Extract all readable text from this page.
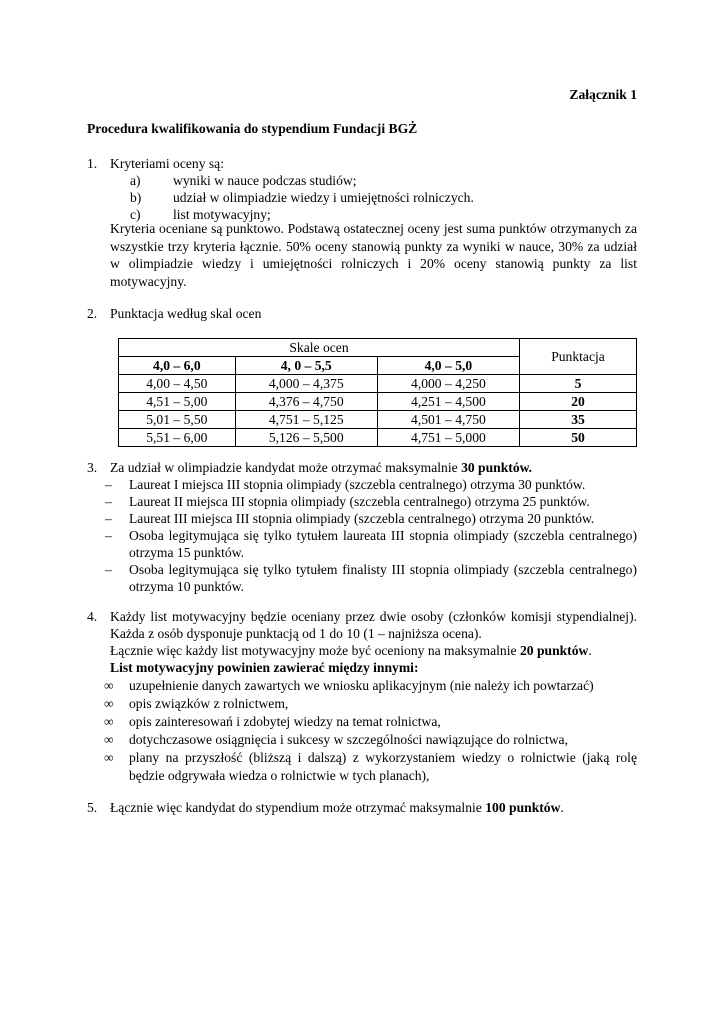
Załącznik 1
Procedura kwalifikowania do stypendium Fundacji BGŻ
1. Kryteriami oceny są:
a) wyniki w nauce podczas studiów;
b) udział w olimpiadzie wiedzy i umiejętności rolniczych.
c) list motywacyjny;
Kryteria oceniane są punktowo. Podstawą ostatecznej oceny jest suma punktów otrzymanych za wszystkie trzy kryteria łącznie. 50% oceny stanowią punkty za wyniki w nauce, 30% za udział w olimpiadzie wiedzy i umiejętności rolniczych i 20% oceny stanowią punkty za list motywacyjny.
2. Punktacja według skal ocen
Skale ocen			Punktacja
4,0 – 6,0	4, 0 – 5,5	4,0 – 5,0	
4,00 – 4,50	4,000 – 4,375	4,000 – 4,250	5
4,51 – 5,00	4,376 – 4,750	4,251 – 4,500	20
5,01 – 5,50	4,751 – 5,125	4,501 – 4,750	35
5,51 – 6,00	5,126 – 5,500	4,751 – 5,000	50
3. Za udział w olimpiadzie kandydat może otrzymać maksymalnie 30 punktów.
– Laureat I miejsca III stopnia olimpiady (szczebla centralnego) otrzyma 30 punktów.
– Laureat II miejsca III stopnia olimpiady (szczebla centralnego) otrzyma 25 punktów.
– Laureat III miejsca III stopnia olimpiady (szczebla centralnego) otrzyma 20 punktów.
– Osoba legitymująca się tylko tytułem laureata III stopnia olimpiady (szczebla centralnego) otrzyma 15 punktów.
– Osoba legitymująca się tylko tytułem finalisty III stopnia olimpiady (szczebla centralnego) otrzyma 10 punktów.
4. Każdy list motywacyjny będzie oceniany przez dwie osoby (członków komisji stypendialnej). Każda z osób dysponuje punktacją od 1 do 10 (1 – najniższa ocena).
Łącznie więc każdy list motywacyjny może być oceniony na maksymalnie 20 punktów.
List motywacyjny powinien zawierać między innymi:
∞ uzupełnienie danych zawartych we wniosku aplikacyjnym (nie należy ich powtarzać)
∞ opis związków z rolnictwem,
∞ opis zainteresowań i zdobytej wiedzy na temat rolnictwa,
∞ dotychczasowe osiągnięcia i sukcesy w szczególności nawiązujące do rolnictwa,
∞ plany na przyszłość (bliższą i dalszą) z wykorzystaniem wiedzy o rolnictwie (jaką rolę będzie odgrywała wiedza o rolnictwie w tych planach),
5. Łącznie więc kandydat do stypendium może otrzymać maksymalnie 100 punktów.
